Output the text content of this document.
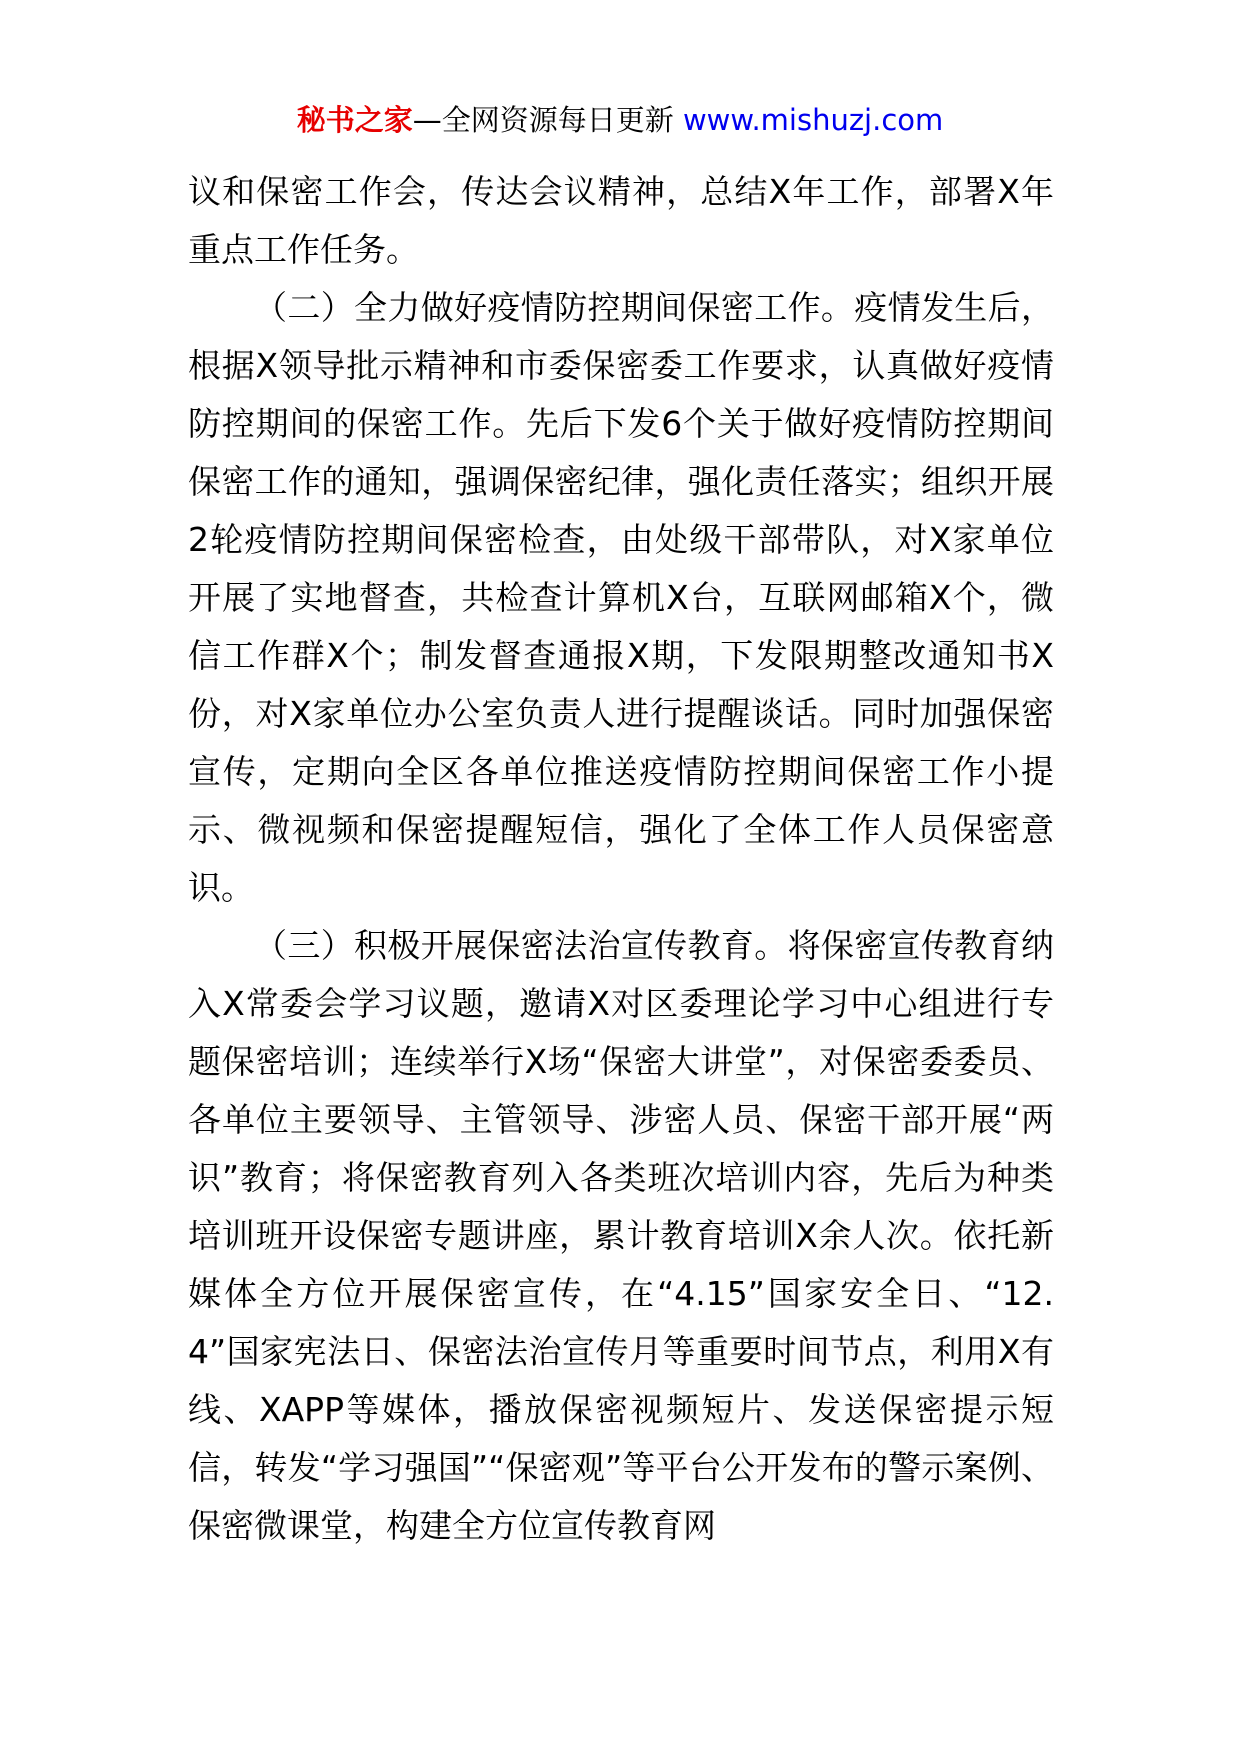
秘书之家—全网资源每日更新 www.mishuzj.com

议和保密工作会，传达会议精神，总结X年工作，部署X年重点工作任务。

（二）全力做好疫情防控期间保密工作。疫情发生后，根据X领导批示精神和市委保密委工作要求，认真做好疫情防控期间的保密工作。先后下发6个关于做好疫情防控期间保密工作的通知，强调保密纪律，强化责任落实；组织开展2轮疫情防控期间保密检查，由处级干部带队，对X家单位开展了实地督查，共检查计算机X台，互联网邮箱X个，微信工作群X个；制发督查通报X期，下发限期整改通知书X份，对X家单位办公室负责人进行提醒谈话。同时加强保密宣传，定期向全区各单位推送疫情防控期间保密工作小提示、微视频和保密提醒短信，强化了全体工作人员保密意识。

（三）积极开展保密法治宣传教育。将保密宣传教育纳入X常委会学习议题，邀请X对区委理论学习中心组进行专题保密培训；连续举行X场“保密大讲堂”，对保密委委员、各单位主要领导、主管领导、涉密人员、保密干部开展“两识”教育；将保密教育列入各类班次培训内容，先后为种类培训班开设保密专题讲座，累计教育培训X余人次。依托新媒体全方位开展保密宣传，在“4.15”国家安全日、“12.4”国家宪法日、保密法治宣传月等重要时间节点，利用X有线、XAPP等媒体，播放保密视频短片、发送保密提示短信，转发“学习强国”“保密观”等平台公开发布的警示案例、保密微课堂，构建全方位宣传教育网
